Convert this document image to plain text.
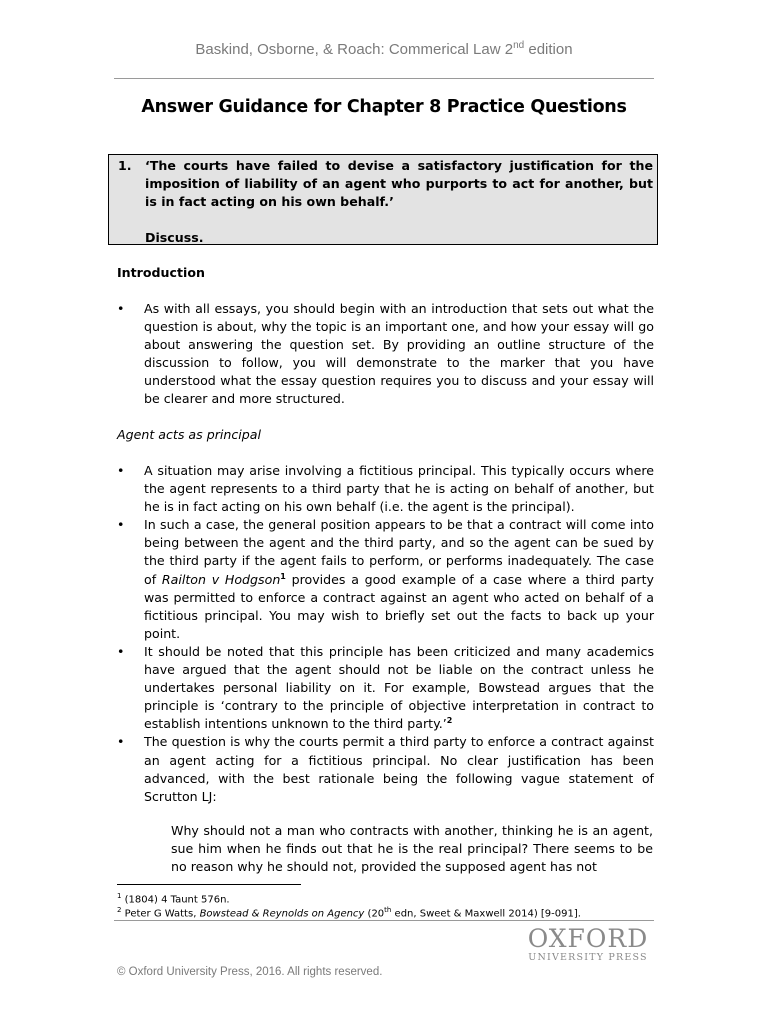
Baskind, Osborne, & Roach: Commerical Law 2nd edition
Answer Guidance for Chapter 8 Practice Questions
1. ‘The courts have failed to devise a satisfactory justification for the imposition of liability of an agent who purports to act for another, but is in fact acting on his own behalf.’
Discuss.
Introduction
• As with all essays, you should begin with an introduction that sets out what the question is about, why the topic is an important one, and how your essay will go about answering the question set. By providing an outline structure of the discussion to follow, you will demonstrate to the marker that you have understood what the essay question requires you to discuss and your essay will be clearer and more structured.
Agent acts as principal
• A situation may arise involving a fictitious principal. This typically occurs where the agent represents to a third party that he is acting on behalf of another, but he is in fact acting on his own behalf (i.e. the agent is the principal).
• In such a case, the general position appears to be that a contract will come into being between the agent and the third party, and so the agent can be sued by the third party if the agent fails to perform, or performs inadequately. The case of Railton v Hodgson$^1$ provides a good example of a case where a third party was permitted to enforce a contract against an agent who acted on behalf of a fictitious principal. You may wish to briefly set out the facts to back up your point.
• It should be noted that this principle has been criticized and many academics have argued that the agent should not be liable on the contract unless he undertakes personal liability on it. For example, Bowstead argues that the principle is ‘contrary to the principle of objective interpretation in contract to establish intentions unknown to the third party.’$^2$
• The question is why the courts permit a third party to enforce a contract against an agent acting for a fictitious principal. No clear justification has been advanced, with the best rationale being the following vague statement of Scrutton LJ:
Why should not a man who contracts with another, thinking he is an agent, sue him when he finds out that he is the real principal? There seems to be no reason why he should not, provided the supposed agent has not
$^1$ (1804) 4 Taunt 576n.
$^2$ Peter G Watts, Bowstead & Reynolds on Agency (20th edn, Sweet & Maxwell 2014) [9-091].
OXFORD
UNIVERSITY PRESS
© Oxford University Press, 2016. All rights reserved.
